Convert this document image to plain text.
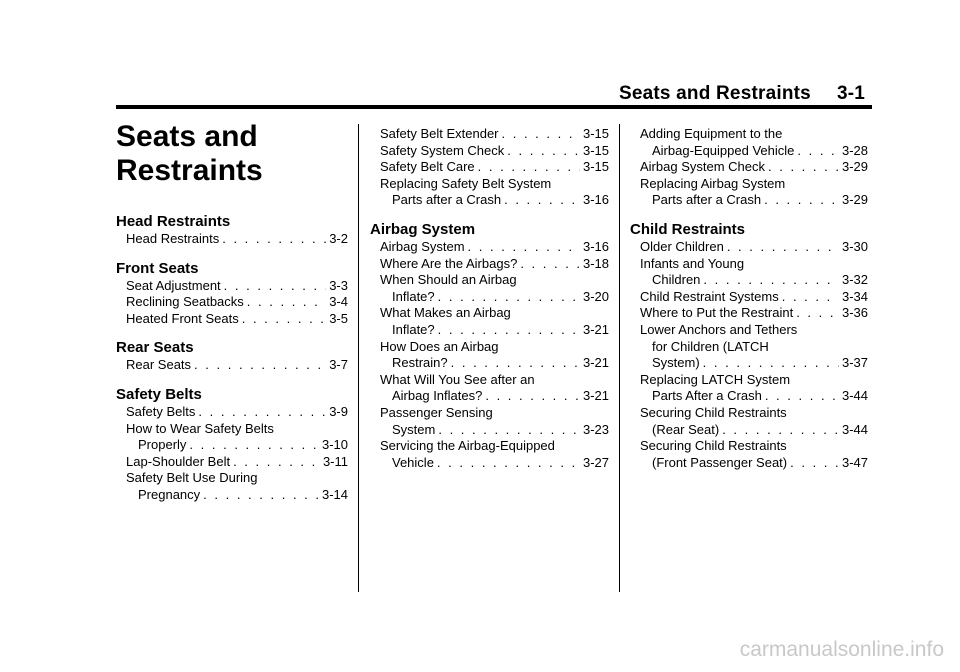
Seats and Restraints 3-1
Seats and
Restraints
Head Restraints
Head Restraints . . .	3-2
Front Seats
Seat Adjustment . . .	3-3
Reclining Seatbacks . . .	3-4
Heated Front Seats . . .	3-5
Rear Seats
Rear Seats . . .	3-7
Safety Belts
Safety Belts . . .	3-9
How to Wear Safety Belts
Properly . . .	3-10
Lap-Shoulder Belt . . .	3-11
Safety Belt Use During
Pregnancy . . .	3-14
Safety Belt Extender . . .	3-15
Safety System Check . . .	3-15
Safety Belt Care . . .	3-15
Replacing Safety Belt System
Parts after a Crash . . .	3-16
Airbag System
Airbag System . . .	3-16
Where Are the Airbags? . . .	3-18
When Should an Airbag
Inflate? . . .	3-20
What Makes an Airbag
Inflate? . . .	3-21
How Does an Airbag
Restrain? . . .	3-21
What Will You See after an
Airbag Inflates? . . .	3-21
Passenger Sensing
System . . .	3-23
Servicing the Airbag-Equipped
Vehicle . . .	3-27
Adding Equipment to the
Airbag-Equipped Vehicle . . .	3-28
Airbag System Check . . .	3-29
Replacing Airbag System
Parts after a Crash . . .	3-29
Child Restraints
Older Children . . .	3-30
Infants and Young
Children . . .	3-32
Child Restraint Systems . . .	3-34
Where to Put the Restraint . . .	3-36
Lower Anchors and Tethers
for Children (LATCH
System) . . .	3-37
Replacing LATCH System
Parts After a Crash . . .	3-44
Securing Child Restraints
(Rear Seat) . . .	3-44
Securing Child Restraints
(Front Passenger Seat) . . .	3-47
carmanualsonline.info
